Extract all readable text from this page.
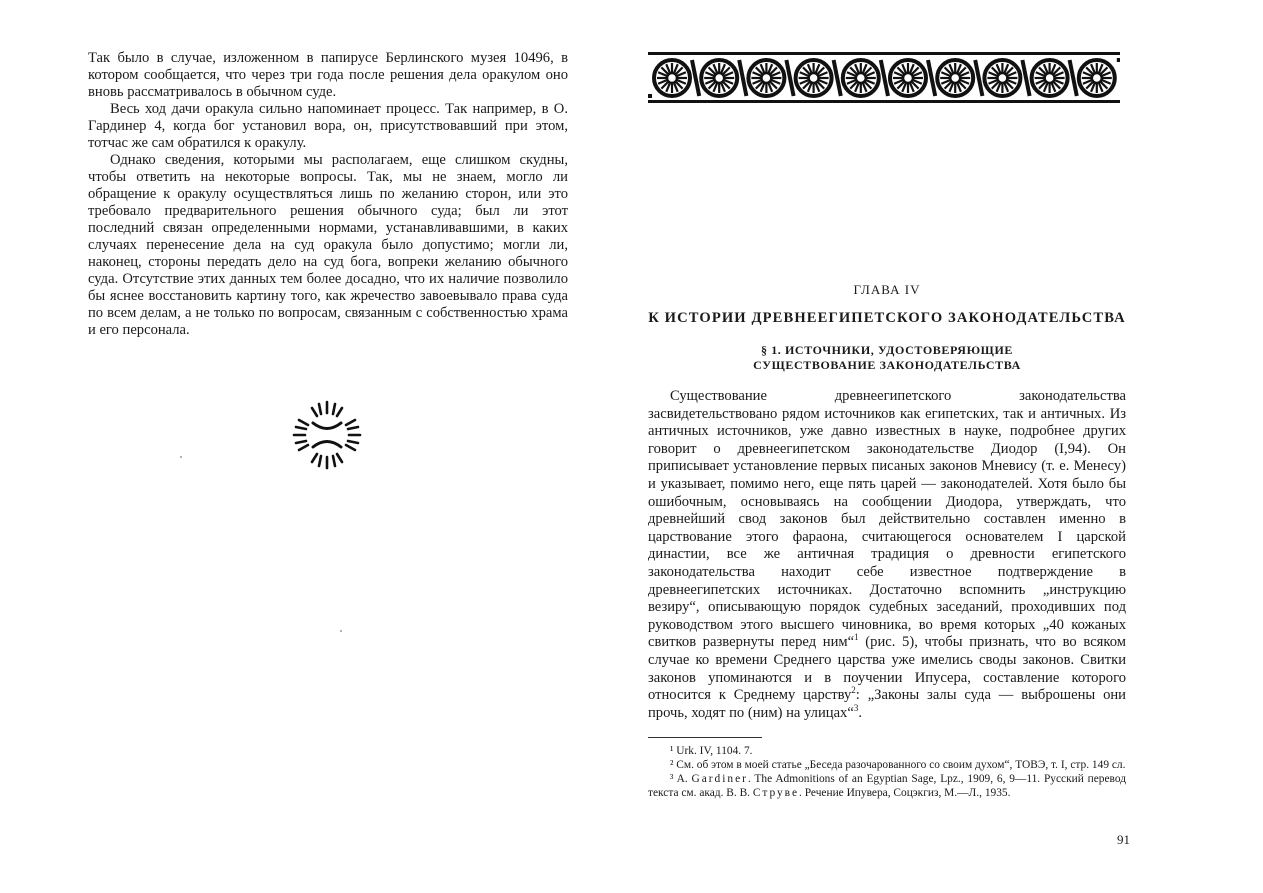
Так было в случае, изложенном в папирусе Берлинского музея 10496, в котором сообщается, что через три года после решения дела оракулом оно вновь рассматривалось в обычном суде.

Весь ход дачи оракула сильно напоминает процесс. Так например, в О. Гардинер 4, когда бог установил вора, он, присутствовавший при этом, тотчас же сам обратился к оракулу.

Однако сведения, которыми мы располагаем, еще слишком скудны, чтобы ответить на некоторые вопросы. Так, мы не знаем, могло ли обращение к оракулу осуществляться лишь по желанию сторон, или это требовало предварительного решения обычного суда; был ли этот последний связан определенными нормами, устанавливавшими, в каких случаях перенесение дела на суд оракула было допустимо; могли ли, наконец, стороны передать дело на суд бога, вопреки желанию обычного суда. Отсутствие этих данных тем более досадно, что их наличие позволило бы яснее восстановить картину того, как жречество завоевывало права суда по всем делам, а не только по вопросам, связанным с собственностью храма и его персонала.

ГЛАВА IV
К ИСТОРИИ ДРЕВНЕЕГИПЕТСКОГО ЗАКОНОДАТЕЛЬСТВА
§ 1. ИСТОЧНИКИ, УДОСТОВЕРЯЮЩИЕ
СУЩЕСТВОВАНИЕ ЗАКОНОДАТЕЛЬСТВА

Существование древнеегипетского законодательства засвидетельствовано рядом источников как египетских, так и античных. Из античных источников, уже давно известных в науке, подробнее других говорит о древнеегипетском законодательстве Диодор (I,94). Он приписывает установление первых писаных законов Мневису (т. е. Менесу) и указывает, помимо него, еще пять царей — законодателей. Хотя было бы ошибочным, основываясь на сообщении Диодора, утверждать, что древнейший свод законов был действительно составлен именно в царствование этого фараона, считающегося основателем I царской династии, все же античная традиция о древности египетского законодательства находит себе известное подтверждение в древнеегипетских источниках. Достаточно вспомнить „инструкцию везиру“, описывающую порядок судебных заседаний, проходивших под руководством этого высшего чиновника, во время которых „40 кожаных свитков развернуты перед ним“$^1$ (рис. 5), чтобы признать, что во всяком случае ко времени Среднего царства уже имелись своды законов. Свитки законов упоминаются и в поучении Ипусера, составление которого относится к Среднему царству$^2$: „Законы залы суда — выброшены они прочь, ходят по (ним) на улицах“$^3$.

¹ Urk. IV, 1104. 7.

² См. об этом в моей статье „Беседа разочарованного со своим духом“, ТОВЭ, т. I, стр. 149 сл.

³ A. Gardiner. The Admonitions of an Egyptian Sage, Lpz., 1909, 6, 9—11. Русский перевод текста см. акад. В. В. Струве. Речение Ипувера, Соцэкгиз, М.—Л., 1935.

91
